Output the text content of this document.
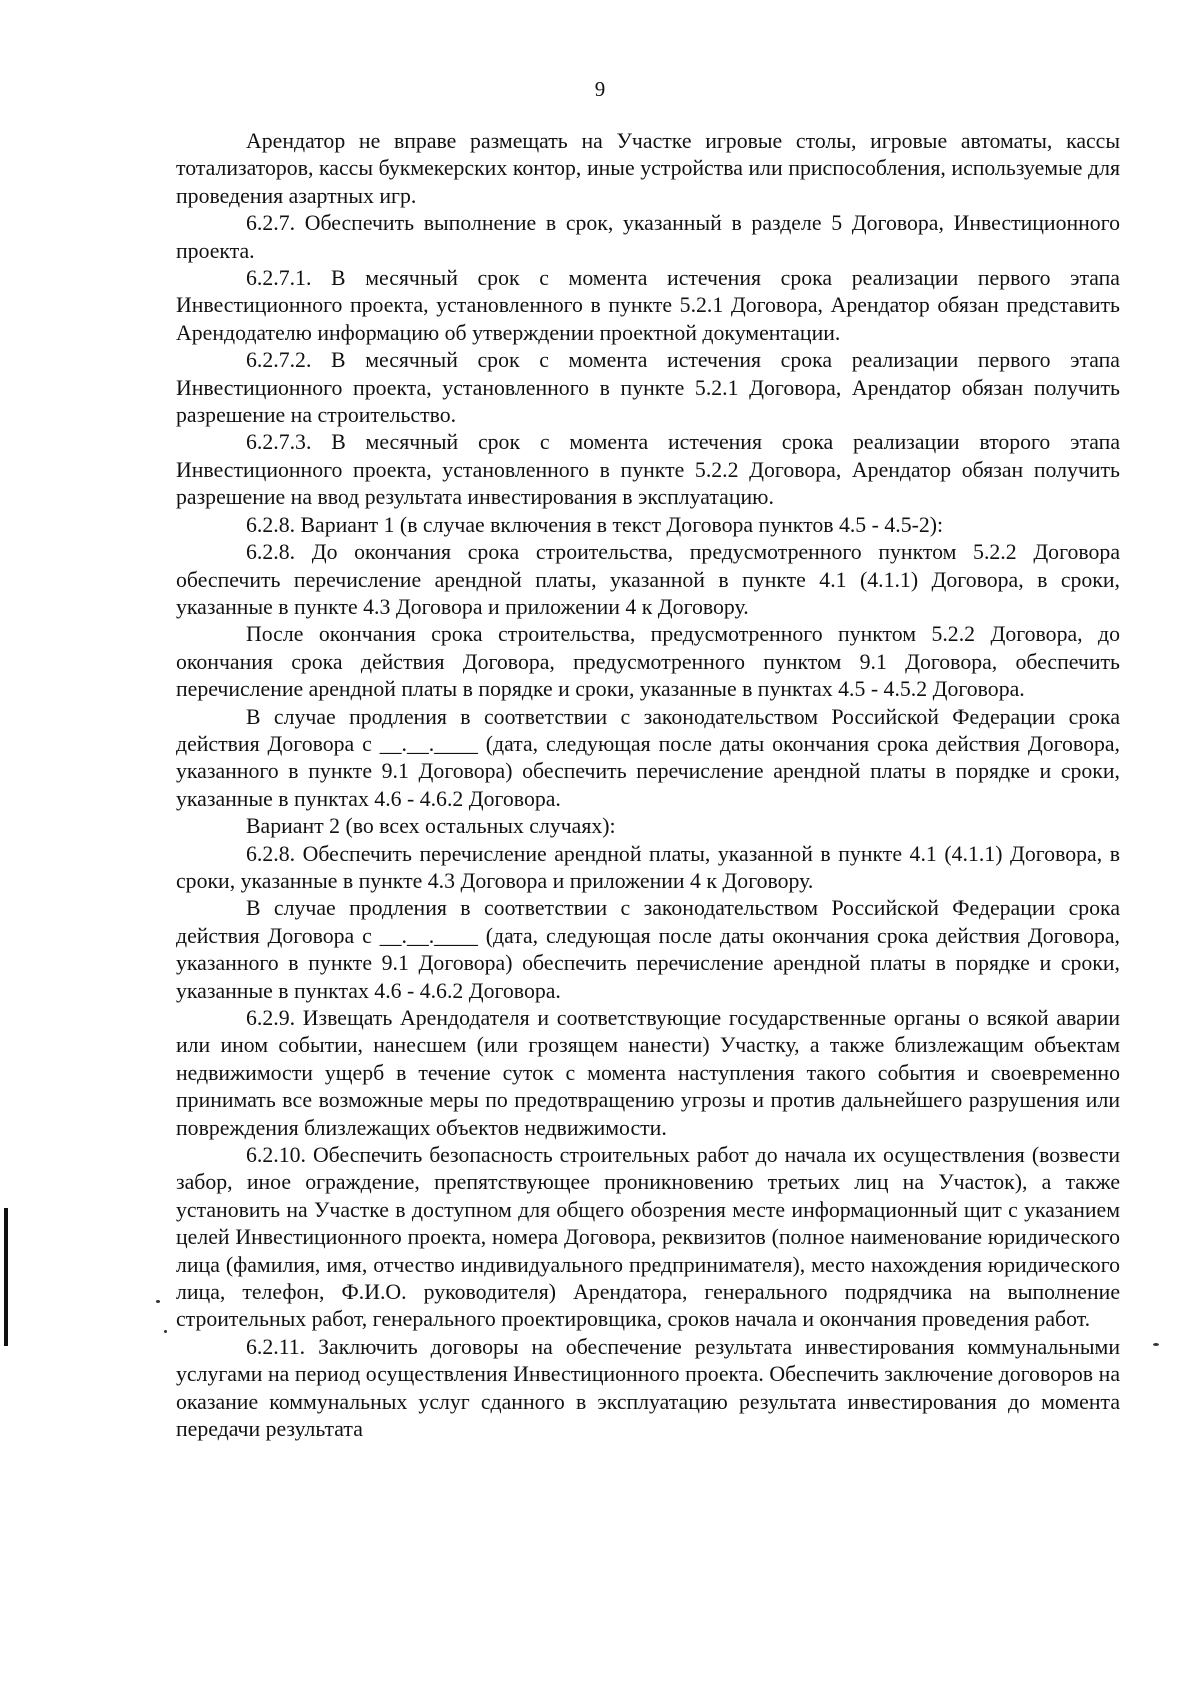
9

Арендатор не вправе размещать на Участке игровые столы, игровые автоматы, кассы тотализаторов, кассы букмекерских контор, иные устройства или приспособления, используемые для проведения азартных игр.

6.2.7. Обеспечить выполнение в срок, указанный в разделе 5 Договора, Инвестиционного проекта.

6.2.7.1. В месячный срок с момента истечения срока реализации первого этапа Инвестиционного проекта, установленного в пункте 5.2.1 Договора, Арендатор обязан представить Арендодателю информацию об утверждении проектной документации.

6.2.7.2. В месячный срок с момента истечения срока реализации первого этапа Инвестиционного проекта, установленного в пункте 5.2.1 Договора, Арендатор обязан получить разрешение на строительство.

6.2.7.3. В месячный срок с момента истечения срока реализации второго этапа Инвестиционного проекта, установленного в пункте 5.2.2 Договора, Арендатор обязан получить разрешение на ввод результата инвестирования в эксплуатацию.

6.2.8. Вариант 1 (в случае включения в текст Договора пунктов 4.5 - 4.5-2):

6.2.8. До окончания срока строительства, предусмотренного пунктом 5.2.2 Договора обеспечить перечисление арендной платы, указанной в пункте 4.1 (4.1.1) Договора, в сроки, указанные в пункте 4.3 Договора и приложении 4 к Договору.

После окончания срока строительства, предусмотренного пунктом 5.2.2 Договора, до окончания срока действия Договора, предусмотренного пунктом 9.1 Договора, обеспечить перечисление арендной платы в порядке и сроки, указанные в пунктах 4.5 - 4.5.2 Договора.

В случае продления в соответствии с законодательством Российской Федерации срока действия Договора с __.__.____ (дата, следующая после даты окончания срока действия Договора, указанного в пункте 9.1 Договора) обеспечить перечисление арендной платы в порядке и сроки, указанные в пунктах 4.6 - 4.6.2 Договора.

Вариант 2 (во всех остальных случаях):

6.2.8. Обеспечить перечисление арендной платы, указанной в пункте 4.1 (4.1.1) Договора, в сроки, указанные в пункте 4.3 Договора и приложении 4 к Договору.

В случае продления в соответствии с законодательством Российской Федерации срока действия Договора с __.__.____ (дата, следующая после даты окончания срока действия Договора, указанного в пункте 9.1 Договора) обеспечить перечисление арендной платы в порядке и сроки, указанные в пунктах 4.6 - 4.6.2 Договора.

6.2.9. Извещать Арендодателя и соответствующие государственные органы о всякой аварии или ином событии, нанесшем (или грозящем нанести) Участку, а также близлежащим объектам недвижимости ущерб в течение суток с момента наступления такого события и своевременно принимать все возможные меры по предотвращению угрозы и против дальнейшего разрушения или повреждения близлежащих объектов недвижимости.

6.2.10. Обеспечить безопасность строительных работ до начала их осуществления (возвести забор, иное ограждение, препятствующее проникновению третьих лиц на Участок), а также установить на Участке в доступном для общего обозрения месте информационный щит с указанием целей Инвестиционного проекта, номера Договора, реквизитов (полное наименование юридического лица (фамилия, имя, отчество индивидуального предпринимателя), место нахождения юридического лица, телефон, Ф.И.О. руководителя) Арендатора, генерального подрядчика на выполнение строительных работ, генерального проектировщика, сроков начала и окончания проведения работ.

6.2.11. Заключить договоры на обеспечение результата инвестирования коммунальными услугами на период осуществления Инвестиционного проекта. Обеспечить заключение договоров на оказание коммунальных услуг сданного в эксплуатацию результата инвестирования до момента передачи результата
